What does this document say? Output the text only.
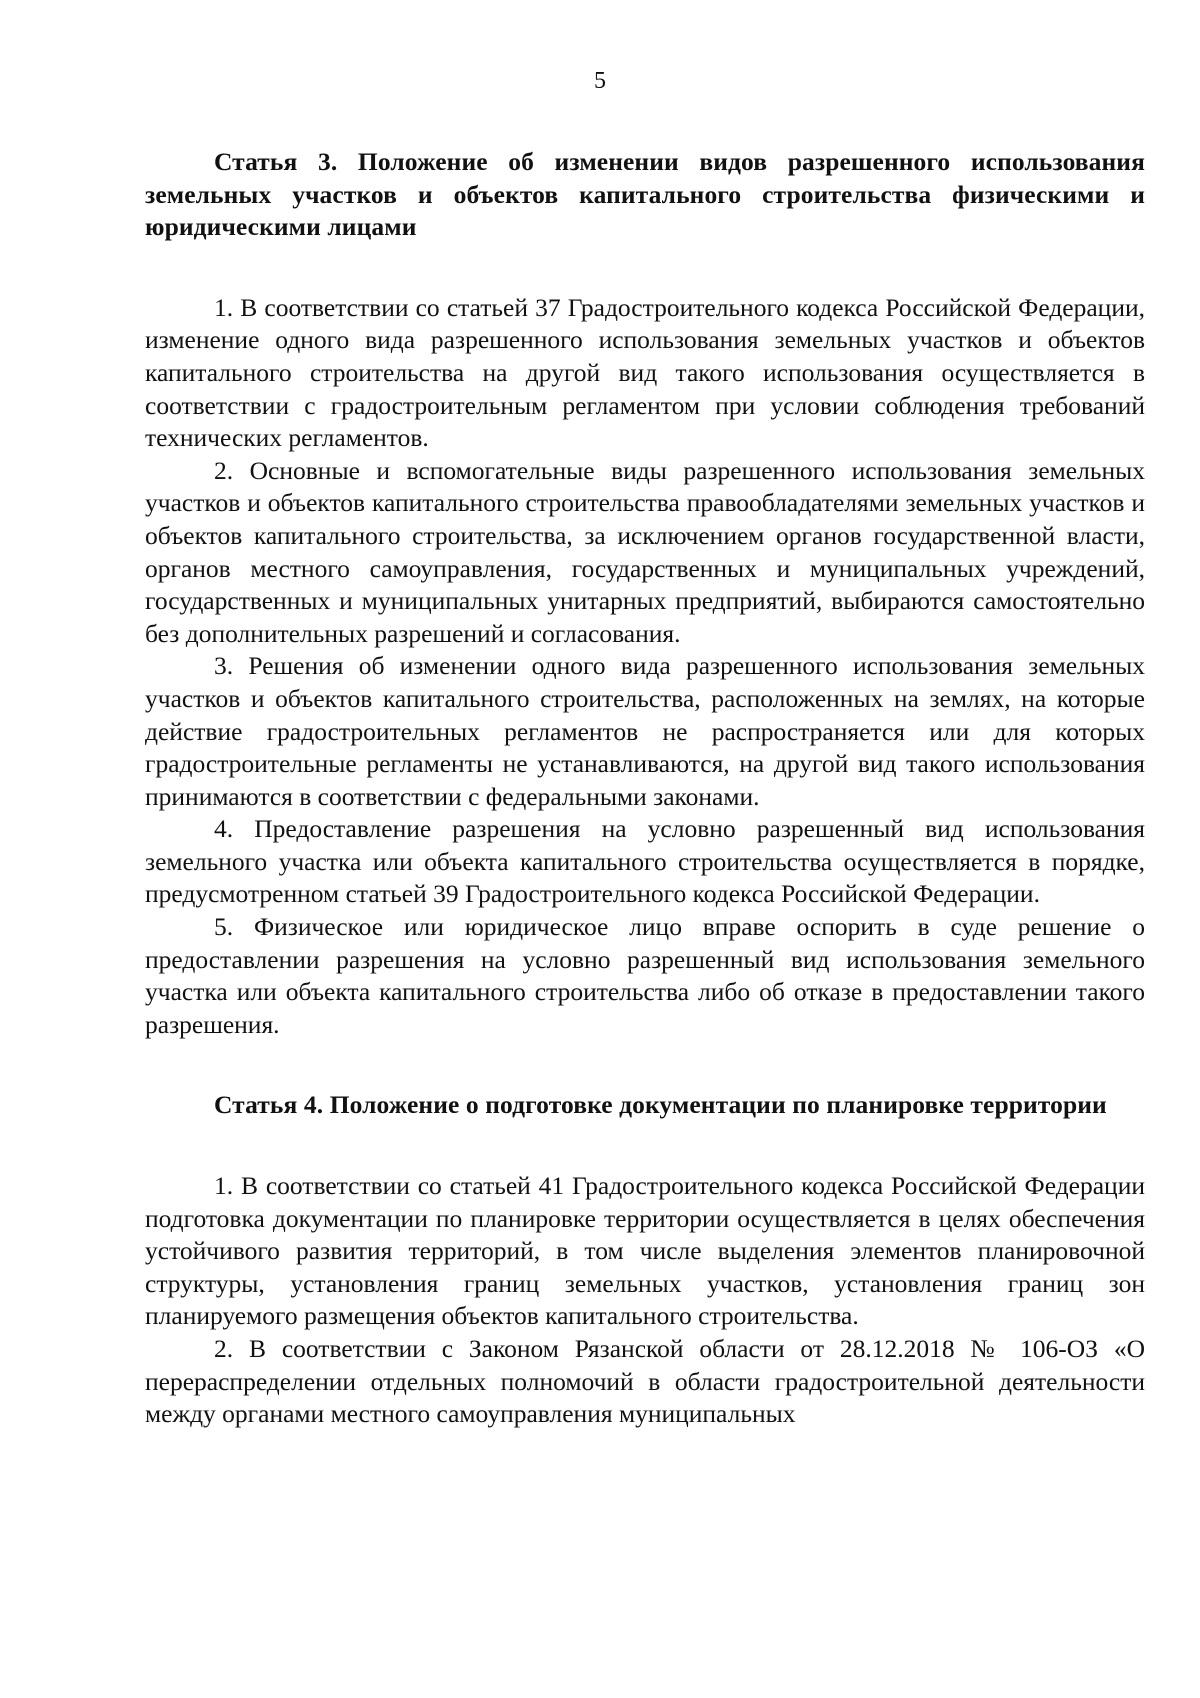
5

Статья 3. Положение об изменении видов разрешенного использования земельных участков и объектов капитального строительства физическими и юридическими лицами

1. В соответствии со статьей 37 Градостроительного кодекса Российской Федерации, изменение одного вида разрешенного использования земельных участков и объектов капитального строительства на другой вид такого использования осуществляется в соответствии с градостроительным регламентом при условии соблюдения требований технических регламентов.

2. Основные и вспомогательные виды разрешенного использования земельных участков и объектов капитального строительства правообладателями земельных участков и объектов капитального строительства, за исключением органов государственной власти, органов местного самоуправления, государственных и муниципальных учреждений, государственных и муниципальных унитарных предприятий, выбираются самостоятельно без дополнительных разрешений и согласования.

3. Решения об изменении одного вида разрешенного использования земельных участков и объектов капитального строительства, расположенных на землях, на которые действие градостроительных регламентов не распространяется или для которых градостроительные регламенты не устанавливаются, на другой вид такого использования принимаются в соответствии с федеральными законами.

4. Предоставление разрешения на условно разрешенный вид использования земельного участка или объекта капитального строительства осуществляется в порядке, предусмотренном статьей 39 Градостроительного кодекса Российской Федерации.

5. Физическое или юридическое лицо вправе оспорить в суде решение о предоставлении разрешения на условно разрешенный вид использования земельного участка или объекта капитального строительства либо об отказе в предоставлении такого разрешения.

Статья 4. Положение о подготовке документации по планировке территории

1. В соответствии со статьей 41 Градостроительного кодекса Российской Федерации подготовка документации по планировке территории осуществляется в целях обеспечения устойчивого развития территорий, в том числе выделения элементов планировочной структуры, установления границ земельных участков, установления границ зон планируемого размещения объектов капитального строительства.

2. В соответствии с Законом Рязанской области от 28.12.2018 № 106-ОЗ «О перераспределении отдельных полномочий в области градостроительной деятельности между органами местного самоуправления муниципальных
